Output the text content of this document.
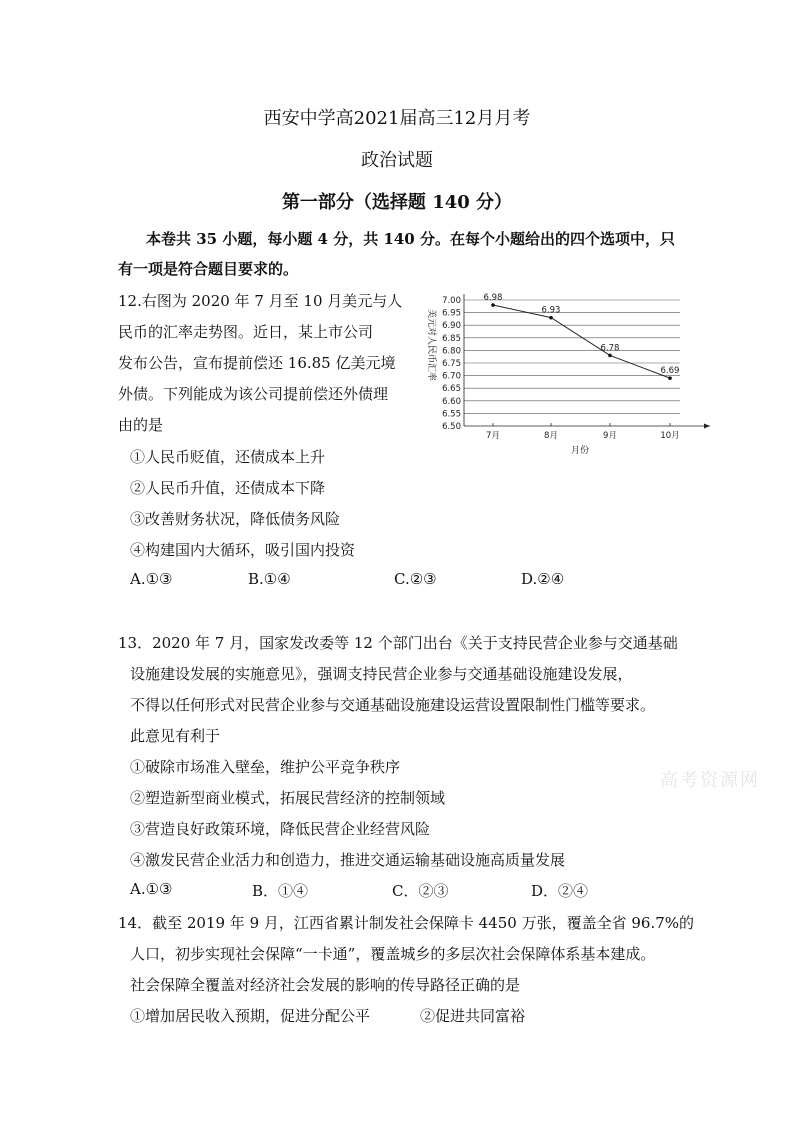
西安中学高2021届高三12月月考
政治试题
第一部分（选择题 140 分）
本卷共 35 小题，每小题 4 分，共 140 分。在每个小题给出的四个选项中，只
有一项是符合题目要求的。
12.右图为 2020 年 7 月至 10 月美元与人
民币的汇率走势图。近日，某上市公司
发布公告，宣布提前偿还 16.85 亿美元境
外债。下列能成为该公司提前偿还外债理
由的是
①人民币贬值，还债成本上升
②人民币升值，还债成本下降
③改善财务状况，降低债务风险
④构建国内大循环，吸引国内投资
A.①③	B.①④	C.②③	D.②④
7.00
6.95
6.90
6.85
6.80
6.75
6.70
6.65
6.60
6.55
6.50
7月	8月	9月	10月
6.98
6.93
6.78
6.69
美元对人民币汇率
月份
13．2020 年 7 月，国家发改委等 12 个部门出台《关于支持民营企业参与交通基础
设施建设发展的实施意见》，强调支持民营企业参与交通基础设施建设发展，
不得以任何形式对民营企业参与交通基础设施建设运营设置限制性门槛等要求。
此意见有利于
①破除市场准入壁垒，维护公平竞争秩序
②塑造新型商业模式，拓展民营经济的控制领域
③营造良好政策环境，降低民营企业经营风险
④激发民营企业活力和创造力，推进交通运输基础设施高质量发展
A.①③	B．①④	C．②③	D．②④
高考资源网
14．截至 2019 年 9 月，江西省累计制发社会保障卡 4450 万张，覆盖全省 96.7%的
人口，初步实现社会保障“一卡通”，覆盖城乡的多层次社会保障体系基本建成。
社会保障全覆盖对经济社会发展的影响的传导路径正确的是
①增加居民收入预期，促进分配公平	②促进共同富裕
